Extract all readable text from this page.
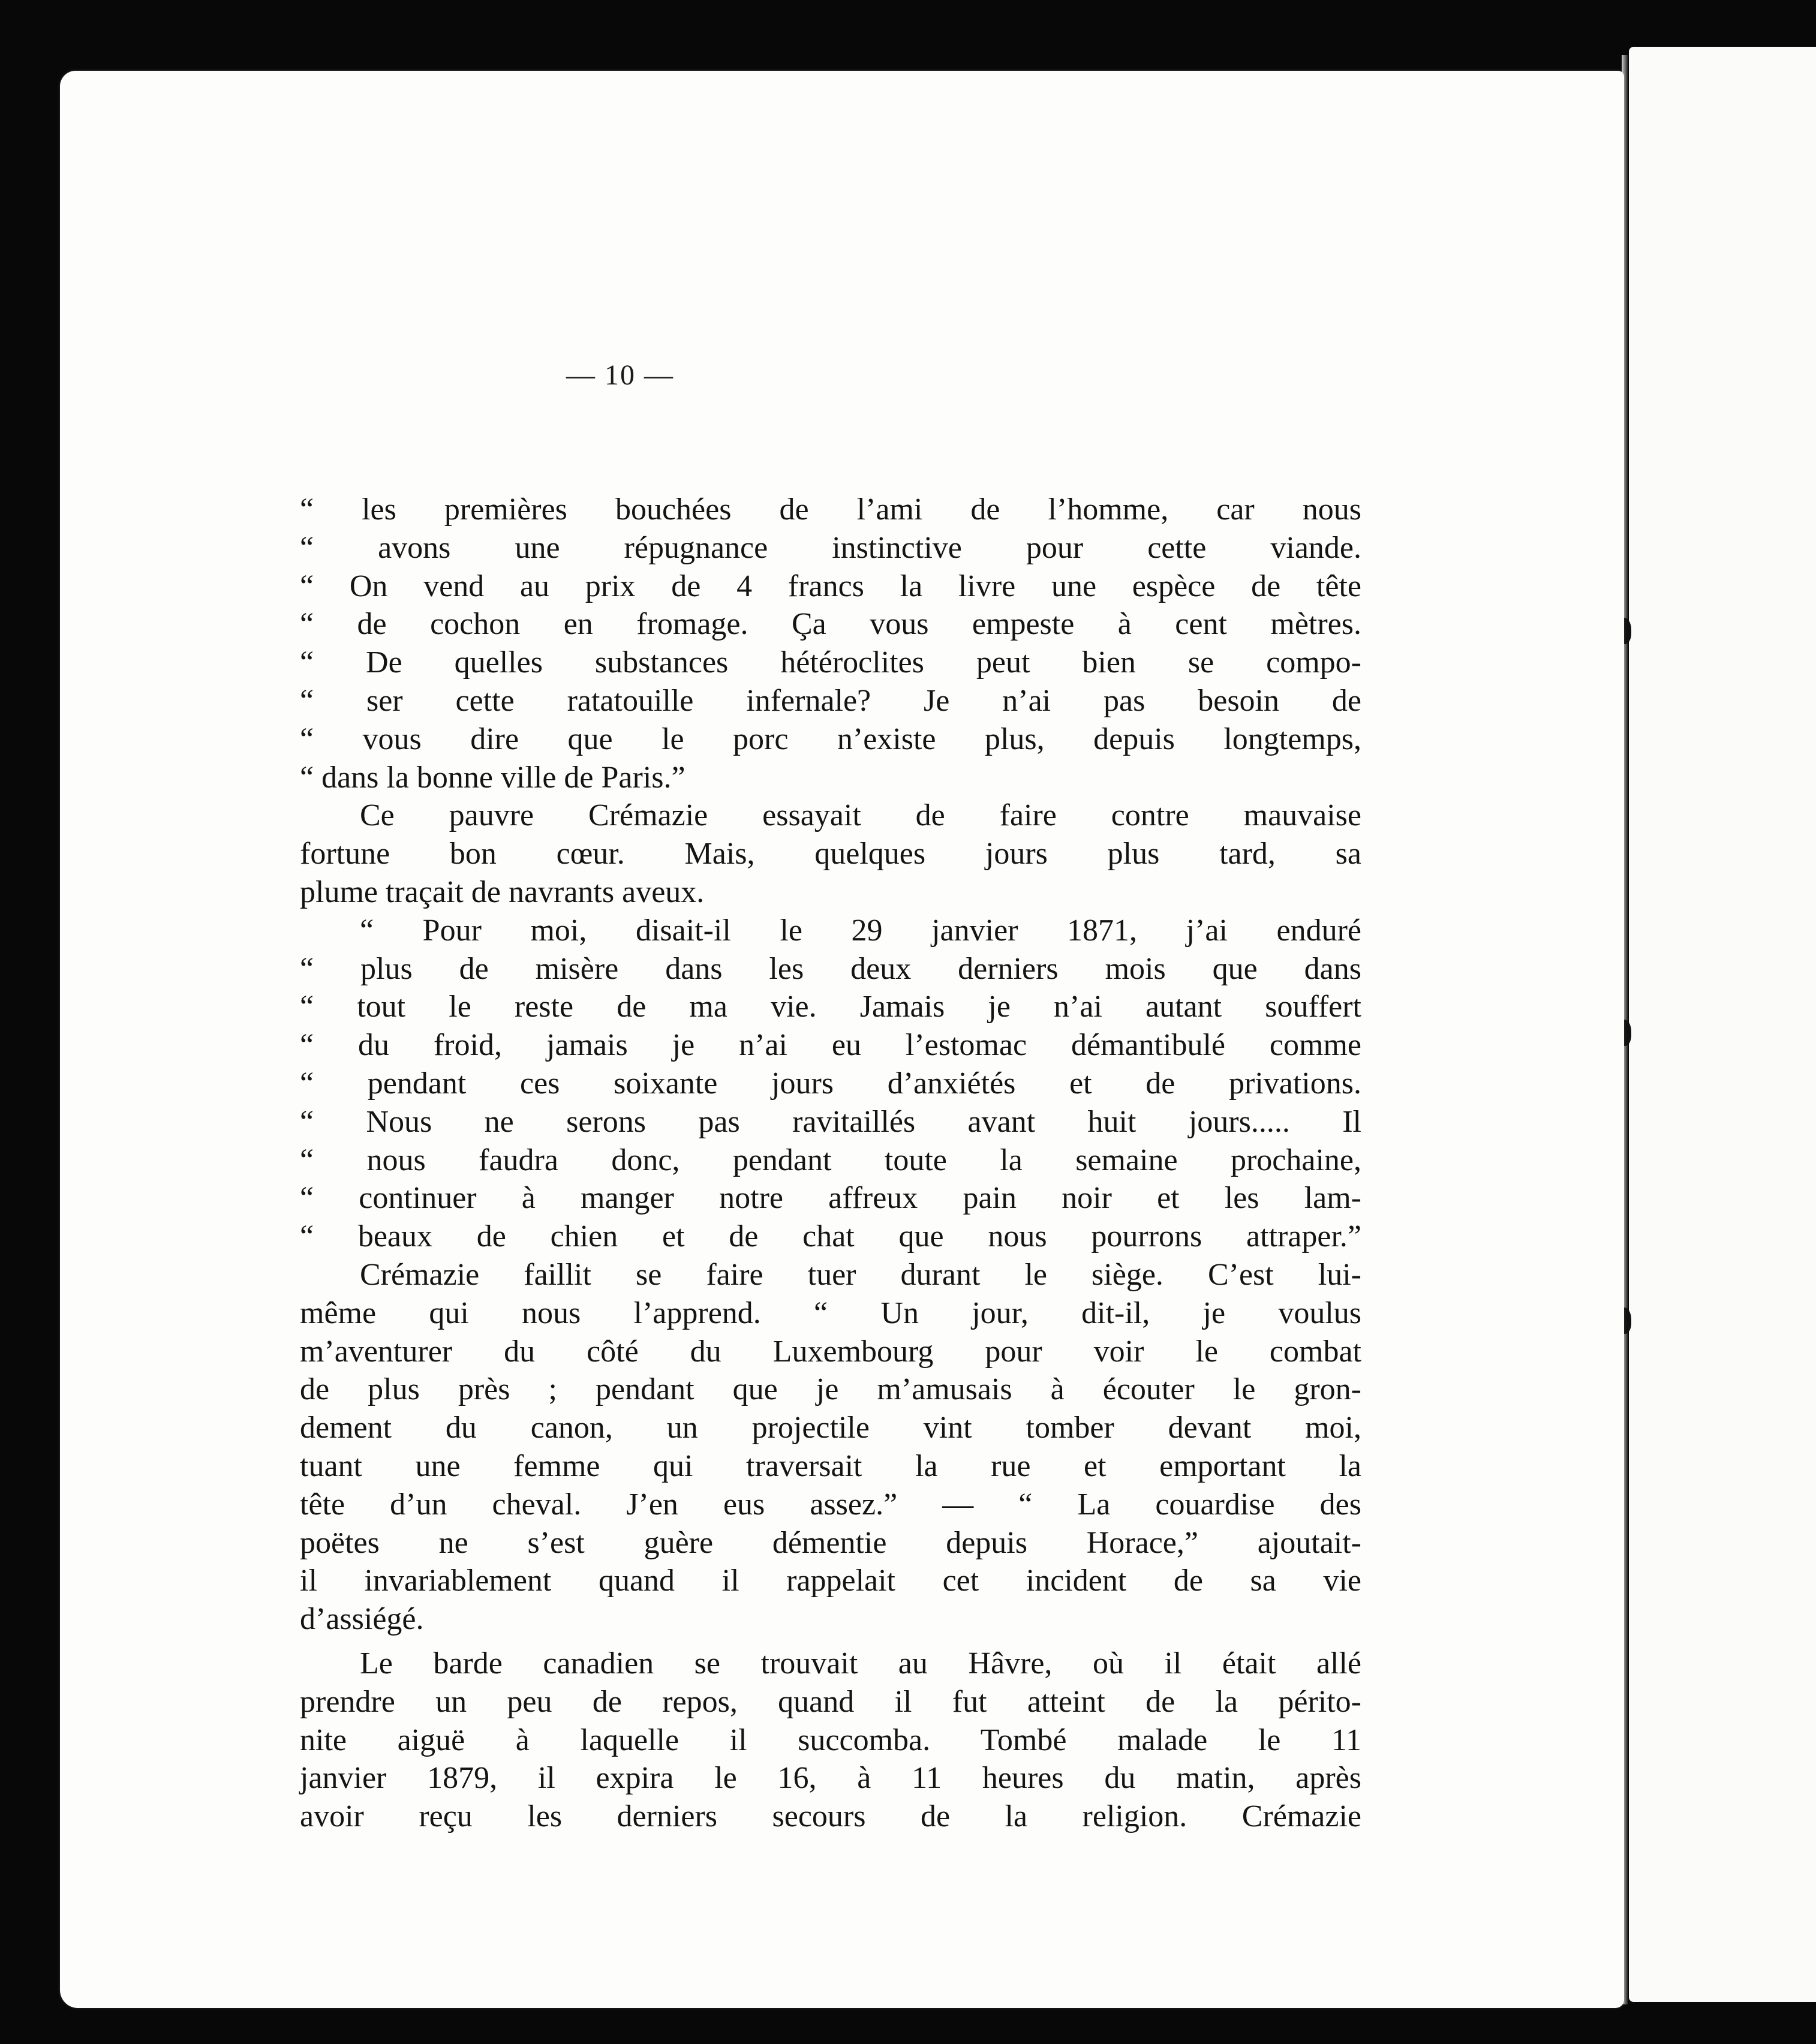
— 10 —
“ les premières bouchées de l’ami de l’homme, car nous
“ avons une répugnance instinctive pour cette viande.
“ On vend au prix de 4 francs la livre une espèce de tête
“ de cochon en fromage. Ça vous empeste à cent mètres.
“ De quelles substances hétéroclites peut bien se compo-
“ ser cette ratatouille infernale? Je n’ai pas besoin de
“ vous dire que le porc n’existe plus, depuis longtemps,
“ dans la bonne ville de Paris.”
Ce pauvre Crémazie essayait de faire contre mauvaise
fortune bon cœur. Mais, quelques jours plus tard, sa
plume traçait de navrants aveux.
“ Pour moi, disait-il le 29 janvier 1871, j’ai enduré
“ plus de misère dans les deux derniers mois que dans
“ tout le reste de ma vie. Jamais je n’ai autant souffert
“ du froid, jamais je n’ai eu l’estomac démantibulé comme
“ pendant ces soixante jours d’anxiétés et de privations.
“ Nous ne serons pas ravitaillés avant huit jours..... Il
“ nous faudra donc, pendant toute la semaine prochaine,
“ continuer à manger notre affreux pain noir et les lam-
“ beaux de chien et de chat que nous pourrons attraper.”
Crémazie faillit se faire tuer durant le siège. C’est lui-
même qui nous l’apprend. “ Un jour, dit-il, je voulus
m’aventurer du côté du Luxembourg pour voir le combat
de plus près ; pendant que je m’amusais à écouter le gron-
dement du canon, un projectile vint tomber devant moi,
tuant une femme qui traversait la rue et emportant la
tête d’un cheval. J’en eus assez.” — “ La couardise des
poëtes ne s’est guère démentie depuis Horace,” ajoutait-
il invariablement quand il rappelait cet incident de sa vie
d’assiégé.
Le barde canadien se trouvait au Hâvre, où il était allé
prendre un peu de repos, quand il fut atteint de la périto-
nite aiguë à laquelle il succomba. Tombé malade le 11
janvier 1879, il expira le 16, à 11 heures du matin, après
avoir reçu les derniers secours de la religion. Crémazie
